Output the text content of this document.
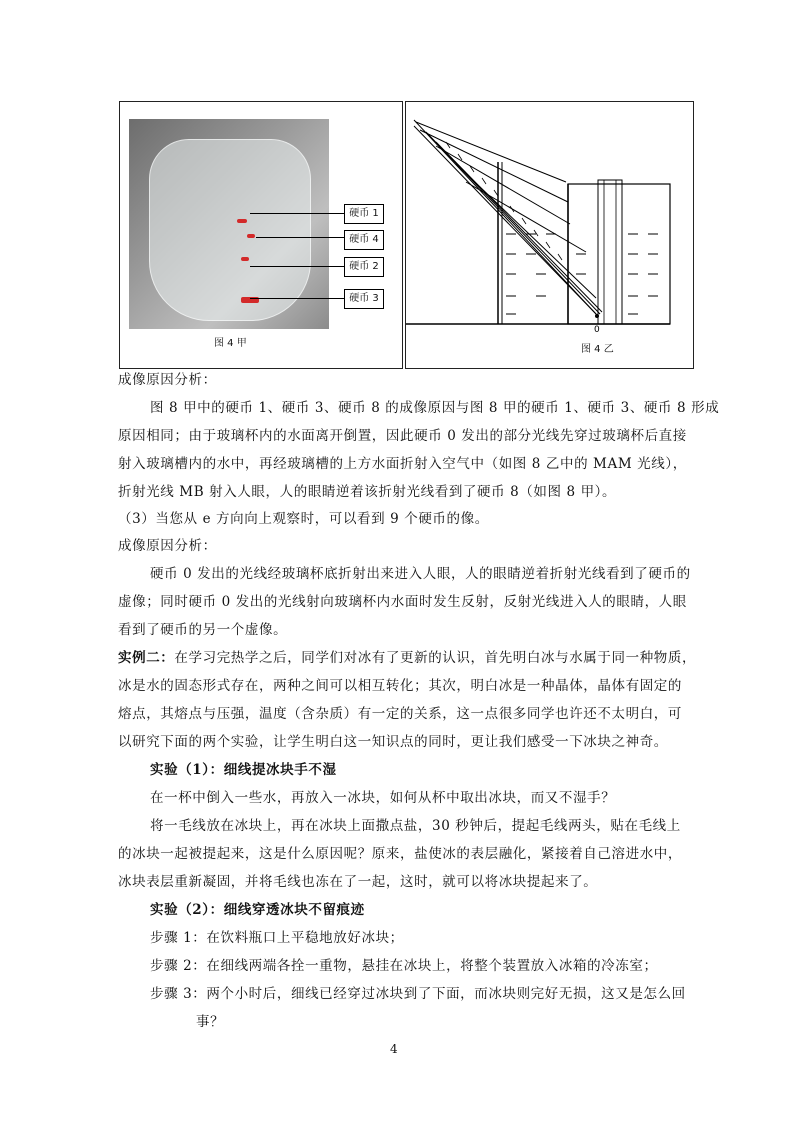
硬币 1
硬币 4
硬币 2
硬币 3
图 4 甲
0
图 4 乙
成像原因分析：
图 8 甲中的硬币 1、硬币 3、硬币 8 的成像原因与图 8 甲的硬币 1、硬币 3、硬币 8 形成
原因相同；由于玻璃杯内的水面离开倒置，因此硬币 0 发出的部分光线先穿过玻璃杯后直接
射入玻璃槽内的水中，再经玻璃槽的上方水面折射入空气中（如图 8 乙中的 MAM 光线），
折射光线 MB 射入人眼，人的眼睛逆着该折射光线看到了硬币 8（如图 8 甲）。
（3）当您从 e 方向向上观察时，可以看到 9 个硬币的像。
成像原因分析：
硬币 0 发出的光线经玻璃杯底折射出来进入人眼，人的眼睛逆着折射光线看到了硬币的
虚像；同时硬币 0 发出的光线射向玻璃杯内水面时发生反射，反射光线进入人的眼睛，人眼
看到了硬币的另一个虚像。
实例二：在学习完热学之后，同学们对冰有了更新的认识，首先明白冰与水属于同一种物质，
冰是水的固态形式存在，两种之间可以相互转化；其次，明白冰是一种晶体，晶体有固定的
熔点，其熔点与压强，温度（含杂质）有一定的关系，这一点很多同学也许还不太明白，可
以研究下面的两个实验，让学生明白这一知识点的同时，更让我们感受一下冰块之神奇。
实验（1）：细线提冰块手不湿
在一杯中倒入一些水，再放入一冰块，如何从杯中取出冰块，而又不湿手？
将一毛线放在冰块上，再在冰块上面撒点盐，30 秒钟后，提起毛线两头，贴在毛线上
的冰块一起被提起来，这是什么原因呢？原来，盐使冰的表层融化，紧接着自己溶进水中，
冰块表层重新凝固，并将毛线也冻在了一起，这时，就可以将冰块提起来了。
实验（2）：细线穿透冰块不留痕迹
步骤 1：在饮料瓶口上平稳地放好冰块；
步骤 2：在细线两端各拴一重物，悬挂在冰块上，将整个装置放入冰箱的冷冻室；
步骤 3：两个小时后，细线已经穿过冰块到了下面，而冰块则完好无损，这又是怎么回
事？
4
